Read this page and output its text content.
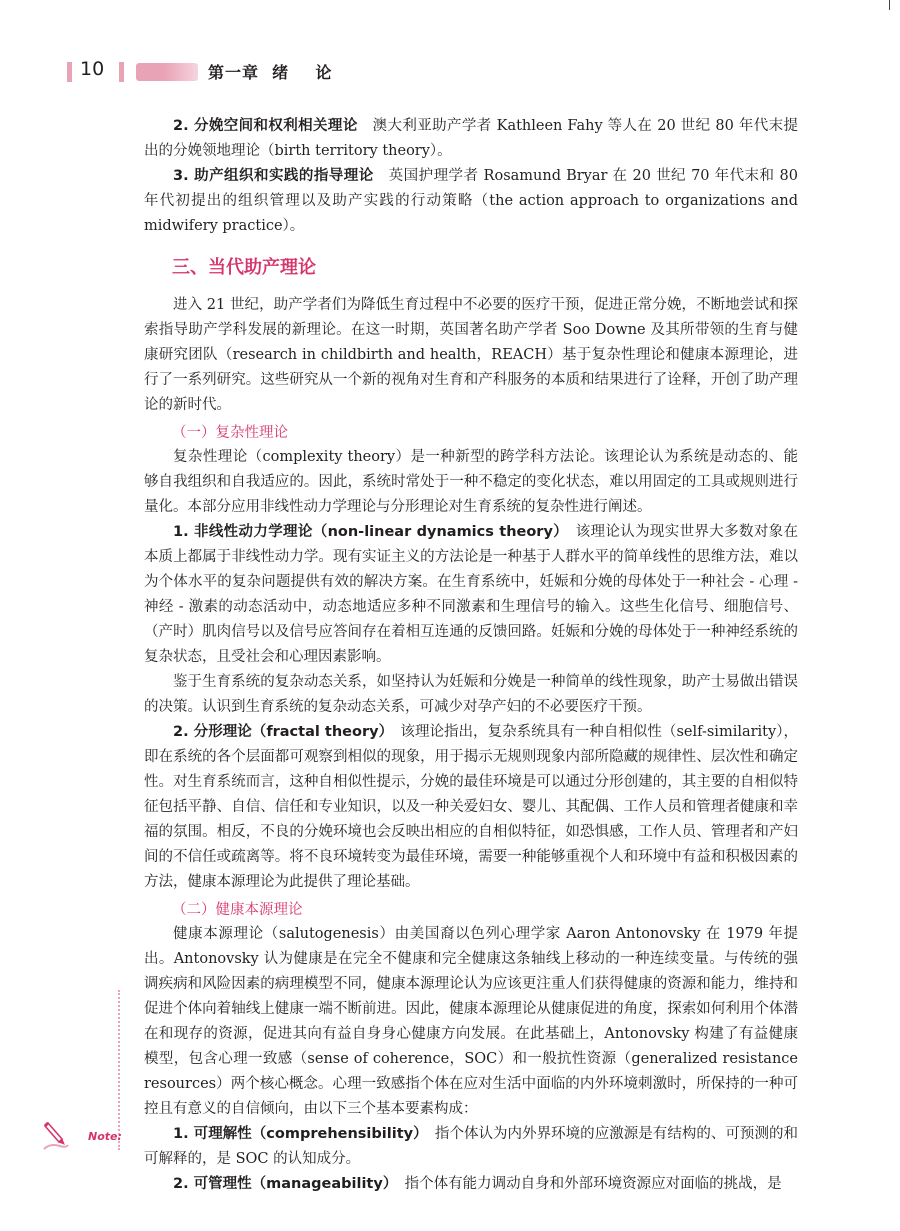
10	第一章  绪    论

2. 分娩空间和权利相关理论　 澳大利亚助产学者 Kathleen Fahy 等人在 20 世纪 80 年代末提出的分娩领地理论（birth territory theory）。

3. 助产组织和实践的指导理论　 英国护理学者 Rosamund Bryar 在 20 世纪 70 年代末和 80 年代初提出的组织管理以及助产实践的行动策略（the action approach to organizations and midwifery practice）。

三、当代助产理论

进入 21 世纪，助产学者们为降低生育过程中不必要的医疗干预，促进正常分娩，不断地尝试和探索指导助产学科发展的新理论。在这一时期，英国著名助产学者 Soo Downe 及其所带领的生育与健康研究团队（research in childbirth and health，REACH）基于复杂性理论和健康本源理论，进行了一系列研究。这些研究从一个新的视角对生育和产科服务的本质和结果进行了诠释，开创了助产理论的新时代。

（一）复杂性理论

复杂性理论（complexity theory）是一种新型的跨学科方法论。该理论认为系统是动态的、能够自我组织和自我适应的。因此，系统时常处于一种不稳定的变化状态，难以用固定的工具或规则进行量化。本部分应用非线性动力学理论与分形理论对生育系统的复杂性进行阐述。

1. 非线性动力学理论（non-linear dynamics theory）　 该理论认为现实世界大多数对象在本质上都属于非线性动力学。现有实证主义的方法论是一种基于人群水平的简单线性的思维方法，难以为个体水平的复杂问题提供有效的解决方案。在生育系统中，妊娠和分娩的母体处于一种社会 - 心理 - 神经 - 激素的动态活动中，动态地适应多种不同激素和生理信号的输入。这些生化信号、细胞信号、（产时）肌肉信号以及信号应答间存在着相互连通的反馈回路。妊娠和分娩的母体处于一种神经系统的复杂状态，且受社会和心理因素影响。

鉴于生育系统的复杂动态关系，如坚持认为妊娠和分娩是一种简单的线性现象，助产士易做出错误的决策。认识到生育系统的复杂动态关系，可减少对孕产妇的不必要医疗干预。

2. 分形理论（fractal theory）　 该理论指出，复杂系统具有一种自相似性（self-similarity），即在系统的各个层面都可观察到相似的现象，用于揭示无规则现象内部所隐藏的规律性、层次性和确定性。对生育系统而言，这种自相似性提示，分娩的最佳环境是可以通过分形创建的，其主要的自相似特征包括平静、自信、信任和专业知识，以及一种关爱妇女、婴儿、其配偶、工作人员和管理者健康和幸福的氛围。相反，不良的分娩环境也会反映出相应的自相似特征，如恐惧感，工作人员、管理者和产妇间的不信任或疏离等。将不良环境转变为最佳环境，需要一种能够重视个人和环境中有益和积极因素的方法，健康本源理论为此提供了理论基础。

（二）健康本源理论

健康本源理论（salutogenesis）由美国裔以色列心理学家 Aaron Antonovsky 在 1979 年提出。Antonovsky 认为健康是在完全不健康和完全健康这条轴线上移动的一种连续变量。与传统的强调疾病和风险因素的病理模型不同，健康本源理论认为应该更注重人们获得健康的资源和能力，维持和促进个体向着轴线上健康一端不断前进。因此，健康本源理论从健康促进的角度，探索如何利用个体潜在和现存的资源，促进其向有益自身身心健康方向发展。在此基础上，Antonovsky 构建了有益健康模型，包含心理一致感（sense of coherence，SOC）和一般抗性资源（generalized resistance resources）两个核心概念。心理一致感指个体在应对生活中面临的内外环境刺激时，所保持的一种可控且有意义的自信倾向，由以下三个基本要素构成：

1. 可理解性（comprehensibility）　 指个体认为内外界环境的应激源是有结构的、可预测的和可解释的，是 SOC 的认知成分。

2. 可管理性（manageability）　 指个体有能力调动自身和外部环境资源应对面临的挑战，是

Note:
